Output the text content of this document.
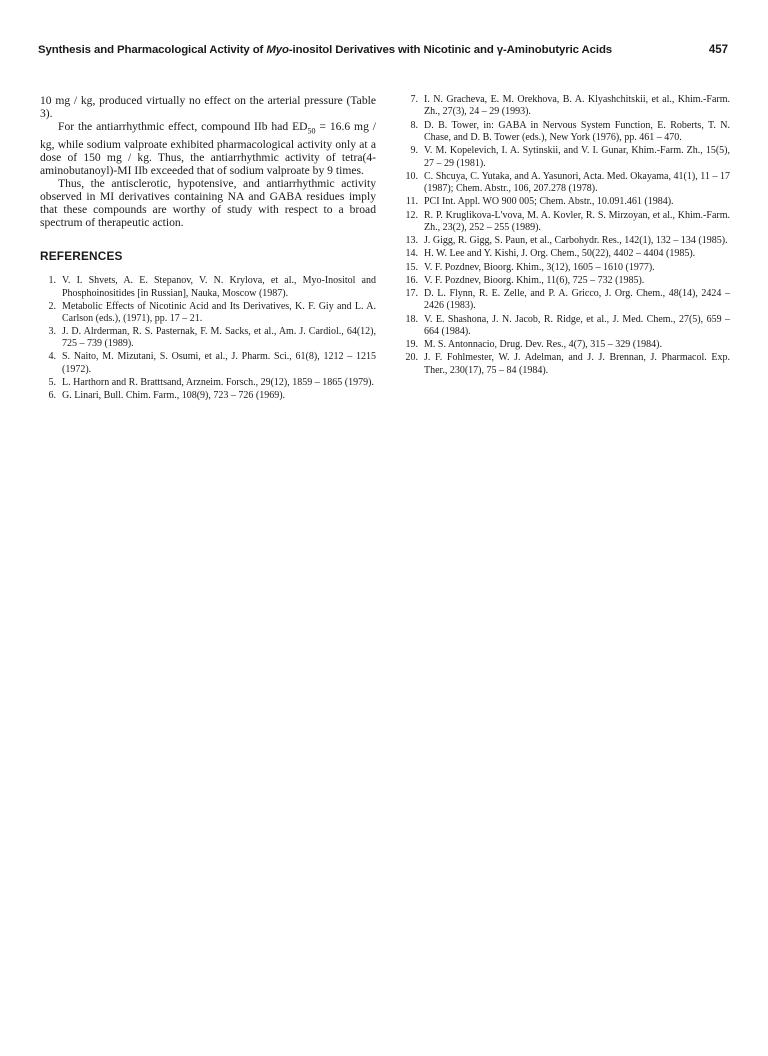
Synthesis and Pharmacological Activity of Myo-inositol Derivatives with Nicotinic and γ-Aminobutyric Acids	457

10 mg / kg, produced virtually no effect on the arterial pressure (Table 3).

For the antiarrhythmic effect, compound IIb had $ED_{50} = 16.6$ mg / kg, while sodium valproate exhibited pharmacological activity only at a dose of 150 mg / kg. Thus, the antiarrhythmic activity of tetra(4-aminobutanoyl)-MI IIb exceeded that of sodium valproate by 9 times.

Thus, the antisclerotic, hypotensive, and antiarrhythmic activity observed in MI derivatives containing NA and GABA residues imply that these compounds are worthy of study with respect to a broad spectrum of therapeutic action.

REFERENCES
1. V. I. Shvets, A. E. Stepanov, V. N. Krylova, et al., Myo-Inositol and Phosphoinositides [in Russian], Nauka, Moscow (1987).
2. Metabolic Effects of Nicotinic Acid and Its Derivatives, K. F. Giy and L. A. Carlson (eds.), (1971), pp. 17 – 21.
3. J. D. Alrderman, R. S. Pasternak, F. M. Sacks, et al., Am. J. Cardiol., 64(12), 725 – 739 (1989).
4. S. Naito, M. Mizutani, S. Osumi, et al., J. Pharm. Sci., 61(8), 1212 – 1215 (1972).
5. L. Harthorn and R. Bratttsand, Arzneim. Forsch., 29(12), 1859 – 1865 (1979).
6. G. Linari, Bull. Chim. Farm., 108(9), 723 – 726 (1969).
7. I. N. Gracheva, E. M. Orekhova, B. A. Klyashchitskii, et al., Khim.-Farm. Zh., 27(3), 24 – 29 (1993).
8. D. B. Tower, in: GABA in Nervous System Function, E. Roberts, T. N. Chase, and D. B. Tower (eds.), New York (1976), pp. 461 – 470.
9. V. M. Kopelevich, I. A. Sytinskii, and V. I. Gunar, Khim.-Farm. Zh., 15(5), 27 – 29 (1981).
10. C. Shcuya, C. Yutaka, and A. Yasunori, Acta. Med. Okayama, 41(1), 11 – 17 (1987); Chem. Abstr., 106, 207.278 (1978).
11. PCI Int. Appl. WO 900 005; Chem. Abstr., 10.091.461 (1984).
12. R. P. Kruglikova-L'vova, M. A. Kovler, R. S. Mirzoyan, et al., Khim.-Farm. Zh., 23(2), 252 – 255 (1989).
13. J. Gigg, R. Gigg, S. Paun, et al., Carbohydr. Res., 142(1), 132 – 134 (1985).
14. H. W. Lee and Y. Kishi, J. Org. Chem., 50(22), 4402 – 4404 (1985).
15. V. F. Pozdnev, Bioorg. Khim., 3(12), 1605 – 1610 (1977).
16. V. F. Pozdnev, Bioorg. Khim., 11(6), 725 – 732 (1985).
17. D. L. Flynn, R. E. Zelle, and P. A. Gricco, J. Org. Chem., 48(14), 2424 – 2426 (1983).
18. V. E. Shashona, J. N. Jacob, R. Ridge, et al., J. Med. Chem., 27(5), 659 – 664 (1984).
19. M. S. Antonnacio, Drug. Dev. Res., 4(7), 315 – 329 (1984).
20. J. F. Fohlmester, W. J. Adelman, and J. J. Brennan, J. Pharmacol. Exp. Ther., 230(17), 75 – 84 (1984).
